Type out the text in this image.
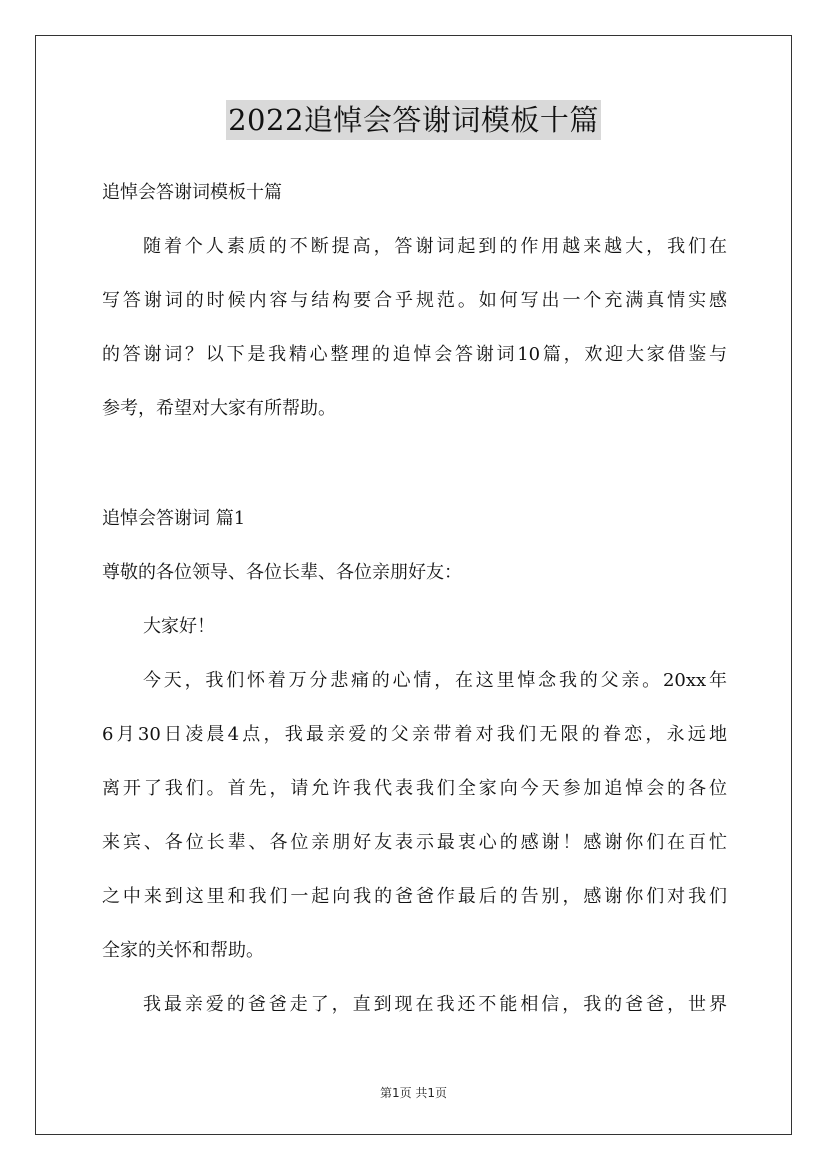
2022追悼会答谢词模板十篇
追悼会答谢词模板十篇
随着个人素质的不断提高，答谢词起到的作用越来越大，我们在
写答谢词的时候内容与结构要合乎规范。如何写出一个充满真情实感
的答谢词？以下是我精心整理的追悼会答谢词10篇，欢迎大家借鉴与
参考，希望对大家有所帮助。
追悼会答谢词 篇1
尊敬的各位领导、各位长辈、各位亲朋好友：
大家好！
今天，我们怀着万分悲痛的心情，在这里悼念我的父亲。20xx年
6月30日凌晨4点，我最亲爱的父亲带着对我们无限的眷恋，永远地
离开了我们。首先，请允许我代表我们全家向今天参加追悼会的各位
来宾、各位长辈、各位亲朋好友表示最衷心的感谢！感谢你们在百忙
之中来到这里和我们一起向我的爸爸作最后的告别，感谢你们对我们
全家的关怀和帮助。
我最亲爱的爸爸走了，直到现在我还不能相信，我的爸爸，世界
第1页 共1页
